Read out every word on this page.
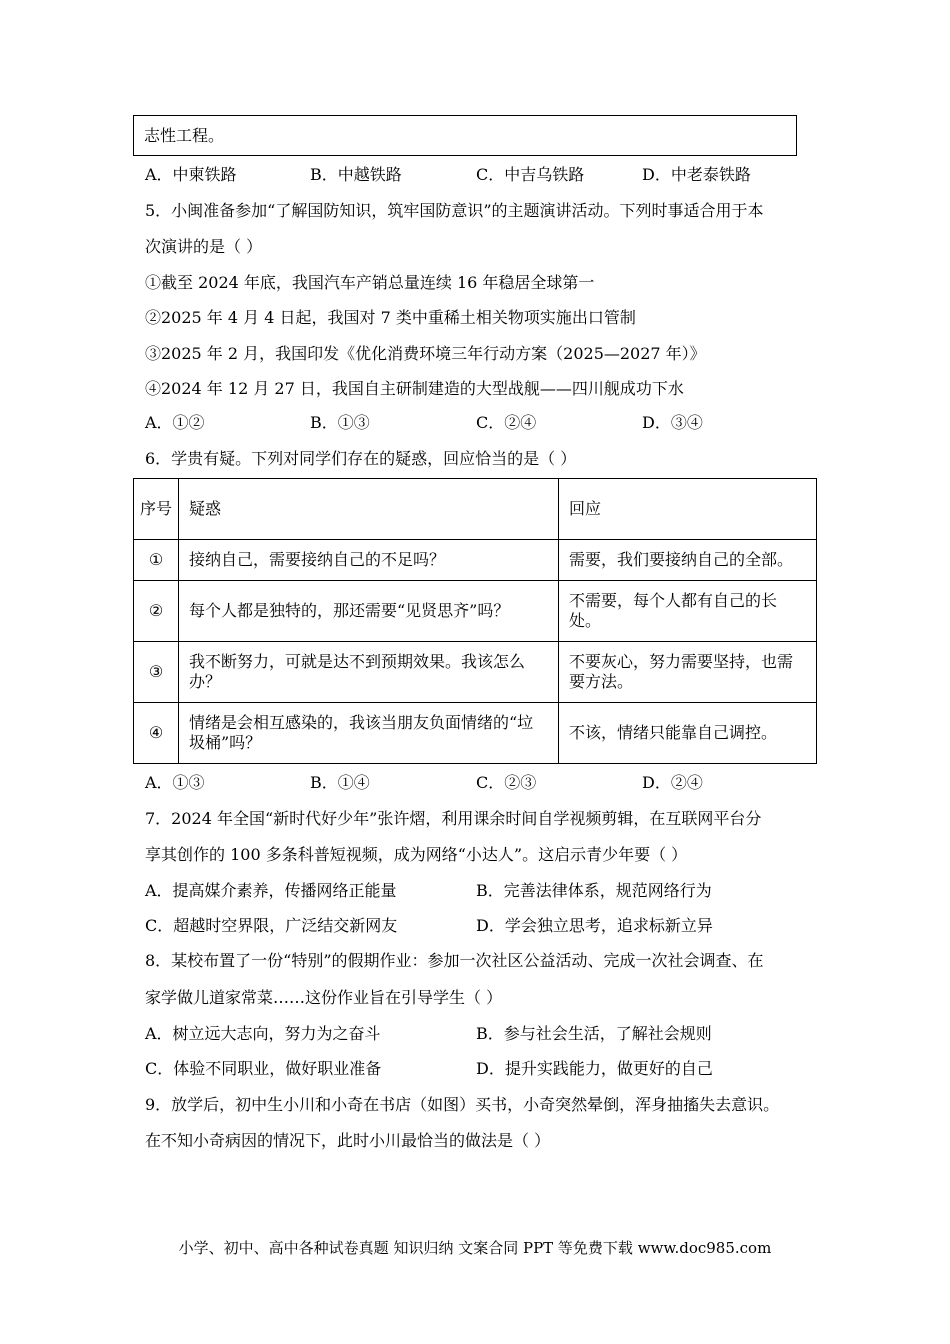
志性工程。
A．中柬铁路	B．中越铁路	C．中吉乌铁路	D．中老泰铁路
5．小闽准备参加“了解国防知识，筑牢国防意识”的主题演讲活动。下列时事适合用于本
次演讲的是（ ）
①截至 2024 年底，我国汽车产销总量连续 16 年稳居全球第一
②2025 年 4 月 4 日起，我国对 7 类中重稀土相关物项实施出口管制
③2025 年 2 月，我国印发《优化消费环境三年行动方案（2025—2027 年）》
④2024 年 12 月 27 日，我国自主研制建造的大型战舰——四川舰成功下水
A．①②	B．①③	C．②④	D．③④
6．学贵有疑。下列对同学们存在的疑惑，回应恰当的是（ ）
序号	疑惑	回应
①	接纳自己，需要接纳自己的不足吗？	需要，我们要接纳自己的全部。
②	每个人都是独特的，那还需要“见贤思齐”吗？	不需要，每个人都有自己的长处。
③	我不断努力，可就是达不到预期效果。我该怎么办？	不要灰心，努力需要坚持，也需要方法。
④	情绪是会相互感染的，我该当朋友负面情绪的“垃圾桶”吗？	不该，情绪只能靠自己调控。
A．①③	B．①④	C．②③	D．②④
7．2024 年全国“新时代好少年”张许熠，利用课余时间自学视频剪辑，在互联网平台分
享其创作的 100 多条科普短视频，成为网络“小达人”。这启示青少年要（ ）
A．提高媒介素养，传播网络正能量	B．完善法律体系，规范网络行为
C．超越时空界限，广泛结交新网友	D．学会独立思考，追求标新立异
8．某校布置了一份“特别”的假期作业：参加一次社区公益活动、完成一次社会调查、在
家学做儿道家常菜……这份作业旨在引导学生（ ）
A．树立远大志向，努力为之奋斗	B．参与社会生活，了解社会规则
C．体验不同职业，做好职业准备	D．提升实践能力，做更好的自己
9．放学后，初中生小川和小奇在书店（如图）买书，小奇突然晕倒，浑身抽搐失去意识。
在不知小奇病因的情况下，此时小川最恰当的做法是（ ）
小学、初中、高中各种试卷真题 知识归纳 文案合同 PPT 等免费下载 www.doc985.com
